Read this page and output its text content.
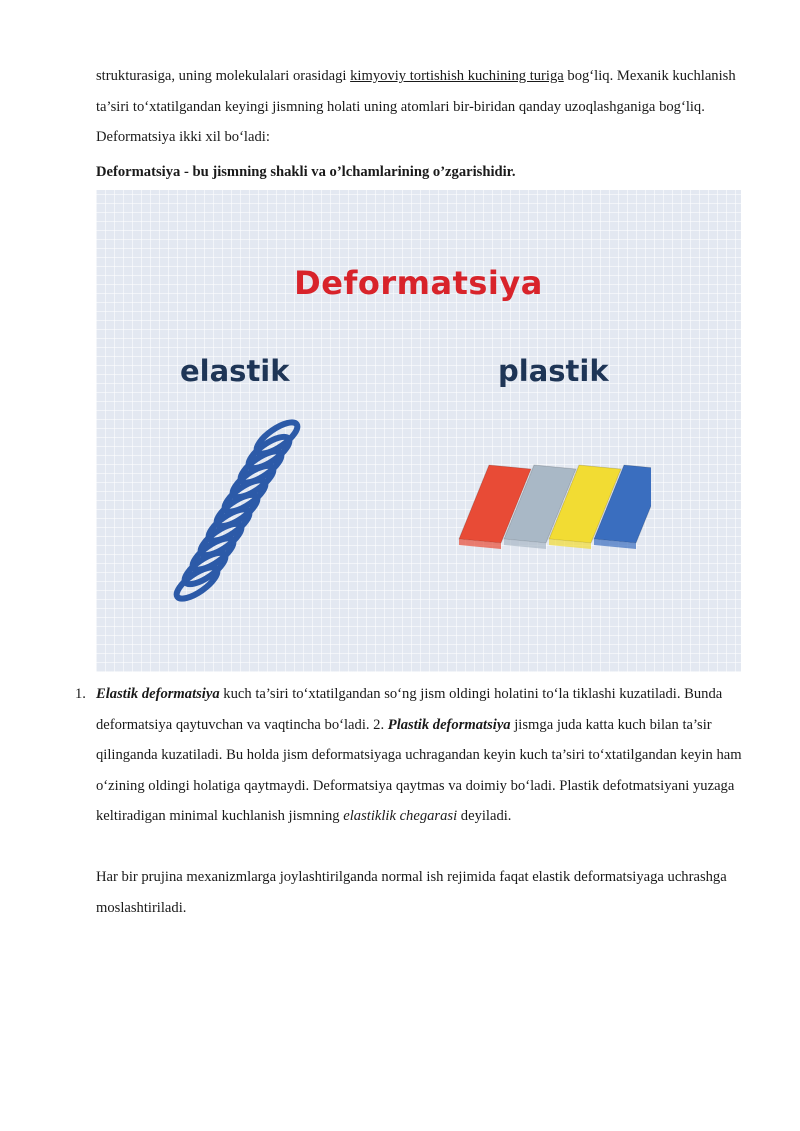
strukturasiga, uning molekulalari orasidagi kimyoviy tortishish kuchining turiga bog‘liq. Mexanik kuchlanish ta’siri to‘xtatilgandan keyingi jismning holati uning atomlari bir-biridan qanday uzoqlashganiga bog‘liq. Deformatsiya ikki xil bo‘ladi:

Deformatsiya - bu jismning shakli va o’lchamlarining o’zgarishidir.

Deformatsiya
elastik	plastik
1. Elastik deformatsiya kuch ta’siri to‘xtatilgandan so‘ng jism oldingi holatini to‘la tiklashi kuzatiladi. Bunda deformatsiya qaytuvchan va vaqtincha bo‘ladi. 2. Plastik deformatsiya jismga juda katta kuch bilan ta’sir qilinganda kuzatiladi. Bu holda jism deformatsiyaga uchragandan keyin kuch ta’siri to‘xtatilgandan keyin ham o‘zining oldingi holatiga qaytmaydi. Deformatsiya qaytmas va doimiy bo‘ladi. Plastik defotmatsiyani yuzaga keltiradigan minimal kuchlanish jismning elastiklik chegarasi deyiladi.

Har bir prujina mexanizmlarga joylashtirilganda normal ish rejimida faqat elastik deformatsiyaga uchrashga moslashtiriladi.
